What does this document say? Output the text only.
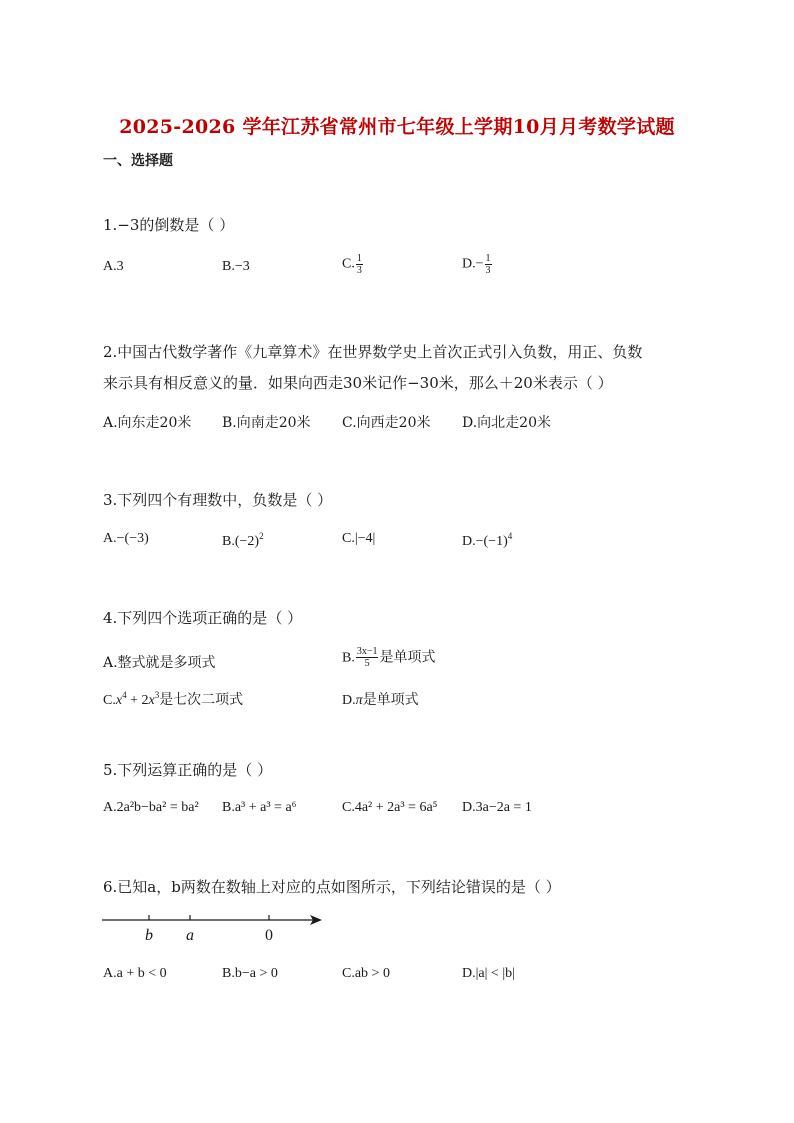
2025-2026 学年江苏省常州市七年级上学期10月月考数学试题
一、选择题
1.−3的倒数是（ ）
A.3	B.−3	C. $\frac{1}{3}$	$D.- \frac{1}{3}$
2.中国古代数学著作《九章算术》在世界数学史上首次正式引入负数，用正、负数
来示具有相反意义的量．如果向西走30米记作−30米，那么＋20米表示（ ）
A.向东走20米 B.向南走20米 C.向西走20米 D.向北走20米
3.下列四个有理数中，负数是（ ）
A.−(−3)	$B.(-2)^2$	C.|−4|	$D.-(-1)^4$
4.下列四个选项正确的是（ ）
A.整式就是多项式	B. $\frac{3x-1}{5}$ 是单项式
$C.x^4 + 2x^3$是七次二项式	D.π是单项式
5.下列运算正确的是（ ）
A.2a²b−ba² = ba² B.a³ + a³ = a⁶	C.4a² + 2a³ = 6a⁵ D.3a−2a = 1
6.已知a，b两数在数轴上对应的点如图所示，下列结论错误的是（ ）
b a	0
A.a + b < 0	B.b−a > 0	C.ab > 0	D.|a| < |b|
